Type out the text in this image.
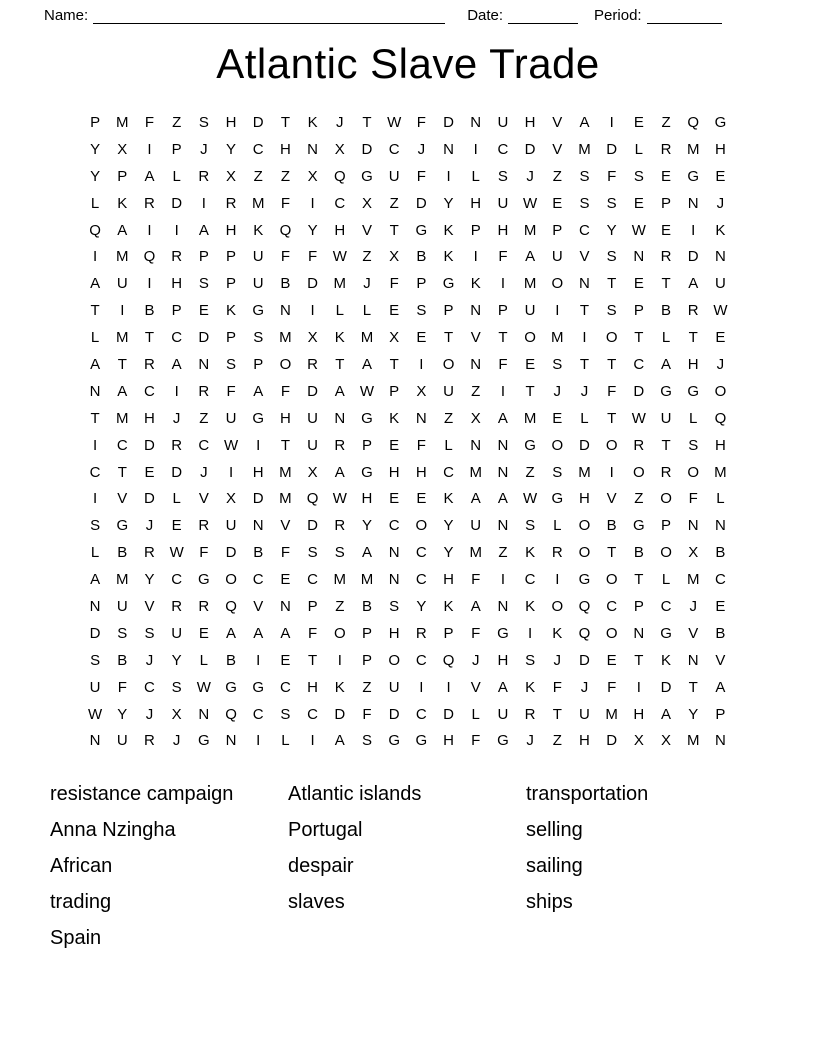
Name:	Date:	Period:
Atlantic Slave Trade
P	M	F	Z	S	H	D	T	K	J	T	W	F	D	N	U	H	V	A	I	E	Z	Q	G
Y	X	I	P	J	Y	C	H	N	X	D	C	J	N	I	C	D	V	M	D	L	R	M	H
Y	P	A	L	R	X	Z	Z	X	Q	G	U	F	I	L	S	J	Z	S	F	S	E	G	E
L	K	R	D	I	R	M	F	I	C	X	Z	D	Y	H	U W	E	S	S	E	P	N	J
Q	A	I	I	A	H	K	Q	Y	H	V	T	G	K	P	H	M	P	C	Y	W	E	I	K
I	M	Q	R	P	P	U	F	F	W	Z	X	B	K	I	F	A	U	V	S	N	R	D	N
A	U	I	H	S	P	U	B	D	M	J	F	P	G	K	I	M	O	N	T	E	T	A	U
T	I	B	P	E	K	G	N	I	L	L	E	S	P	N	P	U	I	T	S	P	B	R W
L	M	T	C	D	P	S	M	X	K	M	X	E	T	V	T	O	M	I	O	T	L	T	E
A	T	R	A	N	S	P	O	R	T	A	T	I	O	N	F	E	S	T	T	C	A	H	J
N	A	C	I	R	F	A	F	D	A	W	P	X	U	Z	I	T	J	J	F	D	G	G	O
T	M	H	J	Z	U	G	H	U	N	G	K	N	Z	X	A	M	E	L	T	W U	L	Q
I	C	D	R	C W	I	T	U	R	P	E	F	L	N	N	G	O	D	O	R	T	S	H
C	T	E	D	J	I	H	M	X	A	G	H	H	C	M	N	Z	S	M	I	O	R	O	M
I	V	D	L	V	X	D	M	Q W H	E	E	K	A	A	W G	H	V	Z	O	F	L
S	G	J	E	R	U	N	V	D	R	Y	C	O	Y	U	N	S	L	O	B	G	P	N	N
L	B	R W	F	D	B	F	S	S	A	N	C	Y	M	Z	K	R	O	T	B	O	X	B
A	M	Y	C	G	O	C	E	C	M M	N	C	H	F	I	C	I	G	O	T	L	M	C
N	U	V	R	R	Q	V	N	P	Z	B	S	Y	K	A	N	K	O	Q	C	P	C	J	E
D	S	S	U	E	A	A	A	F	O	P	H	R	P	F	G	I	K	Q	O	N	G	V	B
S	B	J	Y	L	B	I	E	T	I	P	O	C	Q	J	H	S	J	D	E	T	K	N	V
U	F	C	S	W G	G	C	H	K	Z	U	I	I	V	A	K	F	J	F	I	D	T	A
W	Y	J	X	N	Q	C	S	C	D	F	D	C	D	L	U	R	T	U	M	H	A	Y	P
N	U	R	J	G	N	I	L	I	A	S	G	G	H	F	G	J	Z	H	D	X	X	M	N
resistance campaign
Anna Nzingha
African
trading
Spain
Atlantic islands
Portugal
despair
slaves
transportation
selling
sailing
ships
